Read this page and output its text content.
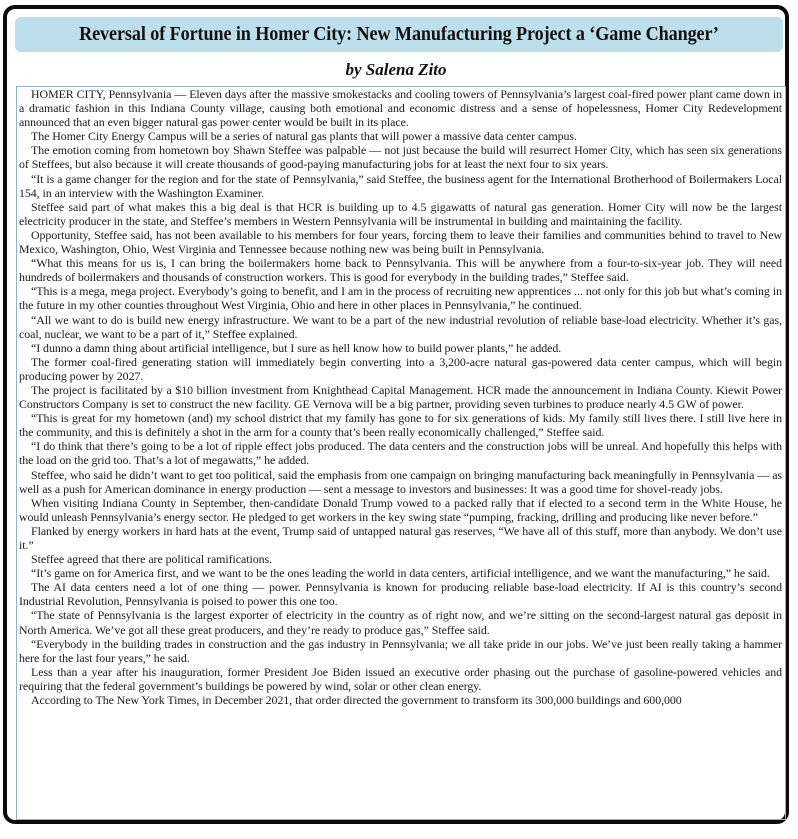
Reversal of Fortune in Homer City: New Manufacturing Project a ‘Game Changer’
by Salena Zito

HOMER CITY, Pennsylvania — Eleven days after the massive smokestacks and cooling towers of Pennsylvania’s largest coal-fired power plant came down in a dramatic fashion in this Indiana County village, causing both emotional and economic distress and a sense of hopelessness, Homer City Redevelopment announced that an even bigger natural gas power center would be built in its place.

The Homer City Energy Campus will be a series of natural gas plants that will power a massive data center campus.

The emotion coming from hometown boy Shawn Steffee was palpable — not just because the build will resurrect Homer City, which has seen six generations of Steffees, but also because it will create thousands of good-paying manufacturing jobs for at least the next four to six years.

“It is a game changer for the region and for the state of Pennsylvania,” said Steffee, the business agent for the International Brotherhood of Boilermakers Local 154, in an interview with the Washington Examiner.

Steffee said part of what makes this a big deal is that HCR is building up to 4.5 gigawatts of natural gas generation. Homer City will now be the largest electricity producer in the state, and Steffee’s members in Western Pennsylvania will be instrumental in building and maintaining the facility.

Opportunity, Steffee said, has not been available to his members for four years, forcing them to leave their families and communities behind to travel to New Mexico, Washington, Ohio, West Virginia and Tennessee because nothing new was being built in Pennsylvania.

“What this means for us is, I can bring the boilermakers home back to Pennsylvania. This will be anywhere from a four-to-six-year job. They will need hundreds of boilermakers and thousands of construction workers. This is good for everybody in the building trades,” Steffee said.

“This is a mega, mega project. Everybody’s going to benefit, and I am in the process of recruiting new apprentices ... not only for this job but what’s coming in the future in my other counties throughout West Virginia, Ohio and here in other places in Pennsylvania,” he continued.

“All we want to do is build new energy infrastructure. We want to be a part of the new industrial revolution of reliable base-load electricity. Whether it’s gas, coal, nuclear, we want to be a part of it,” Steffee explained.

“I dunno a damn thing about artificial intelligence, but I sure as hell know how to build power plants,” he added.

The former coal-fired generating station will immediately begin converting into a 3,200-acre natural gas-powered data center campus, which will begin producing power by 2027.

The project is facilitated by a $10 billion investment from Knighthead Capital Management. HCR made the announcement in Indiana County. Kiewit Power Constructors Company is set to construct the new facility. GE Vernova will be a big partner, providing seven turbines to produce nearly 4.5 GW of power.

“This is great for my hometown (and) my school district that my family has gone to for six generations of kids. My family still lives there. I still live here in the community, and this is definitely a shot in the arm for a county that’s been really economically challenged,” Steffee said.

“I do think that there’s going to be a lot of ripple effect jobs produced. The data centers and the construction jobs will be unreal. And hopefully this helps with the load on the grid too. That’s a lot of megawatts,” he added.

Steffee, who said he didn’t want to get too political, said the emphasis from one campaign on bringing manufacturing back meaningfully in Pennsylvania — as well as a push for American dominance in energy production — sent a message to investors and businesses: It was a good time for shovel-ready jobs.

When visiting Indiana County in September, then-candidate Donald Trump vowed to a packed rally that if elected to a second term in the White House, he would unleash Pennsylvania’s energy sector. He pledged to get workers in the key swing state “pumping, fracking, drilling and producing like never before.”

Flanked by energy workers in hard hats at the event, Trump said of untapped natural gas reserves, “We have all of this stuff, more than anybody. We don’t use it.”

Steffee agreed that there are political ramifications.

“It’s game on for America first, and we want to be the ones leading the world in data centers, artificial intelligence, and we want the manufacturing,” he said.

The AI data centers need a lot of one thing — power. Pennsylvania is known for producing reliable base-load electricity. If AI is this country’s second Industrial Revolution, Pennsylvania is poised to power this one too.

“The state of Pennsylvania is the largest exporter of electricity in the country as of right now, and we’re sitting on the second-largest natural gas deposit in North America. We’ve got all these great producers, and they’re ready to produce gas,” Steffee said.

“Everybody in the building trades in construction and the gas industry in Pennsylvania; we all take pride in our jobs. We’ve just been really taking a hammer here for the last four years,” he said.

Less than a year after his inauguration, former President Joe Biden issued an executive order phasing out the purchase of gasoline-powered vehicles and requiring that the federal government’s buildings be powered by wind, solar or other clean energy.

According to The New York Times, in December 2021, that order directed the government to transform its 300,000 buildings and 600,000
